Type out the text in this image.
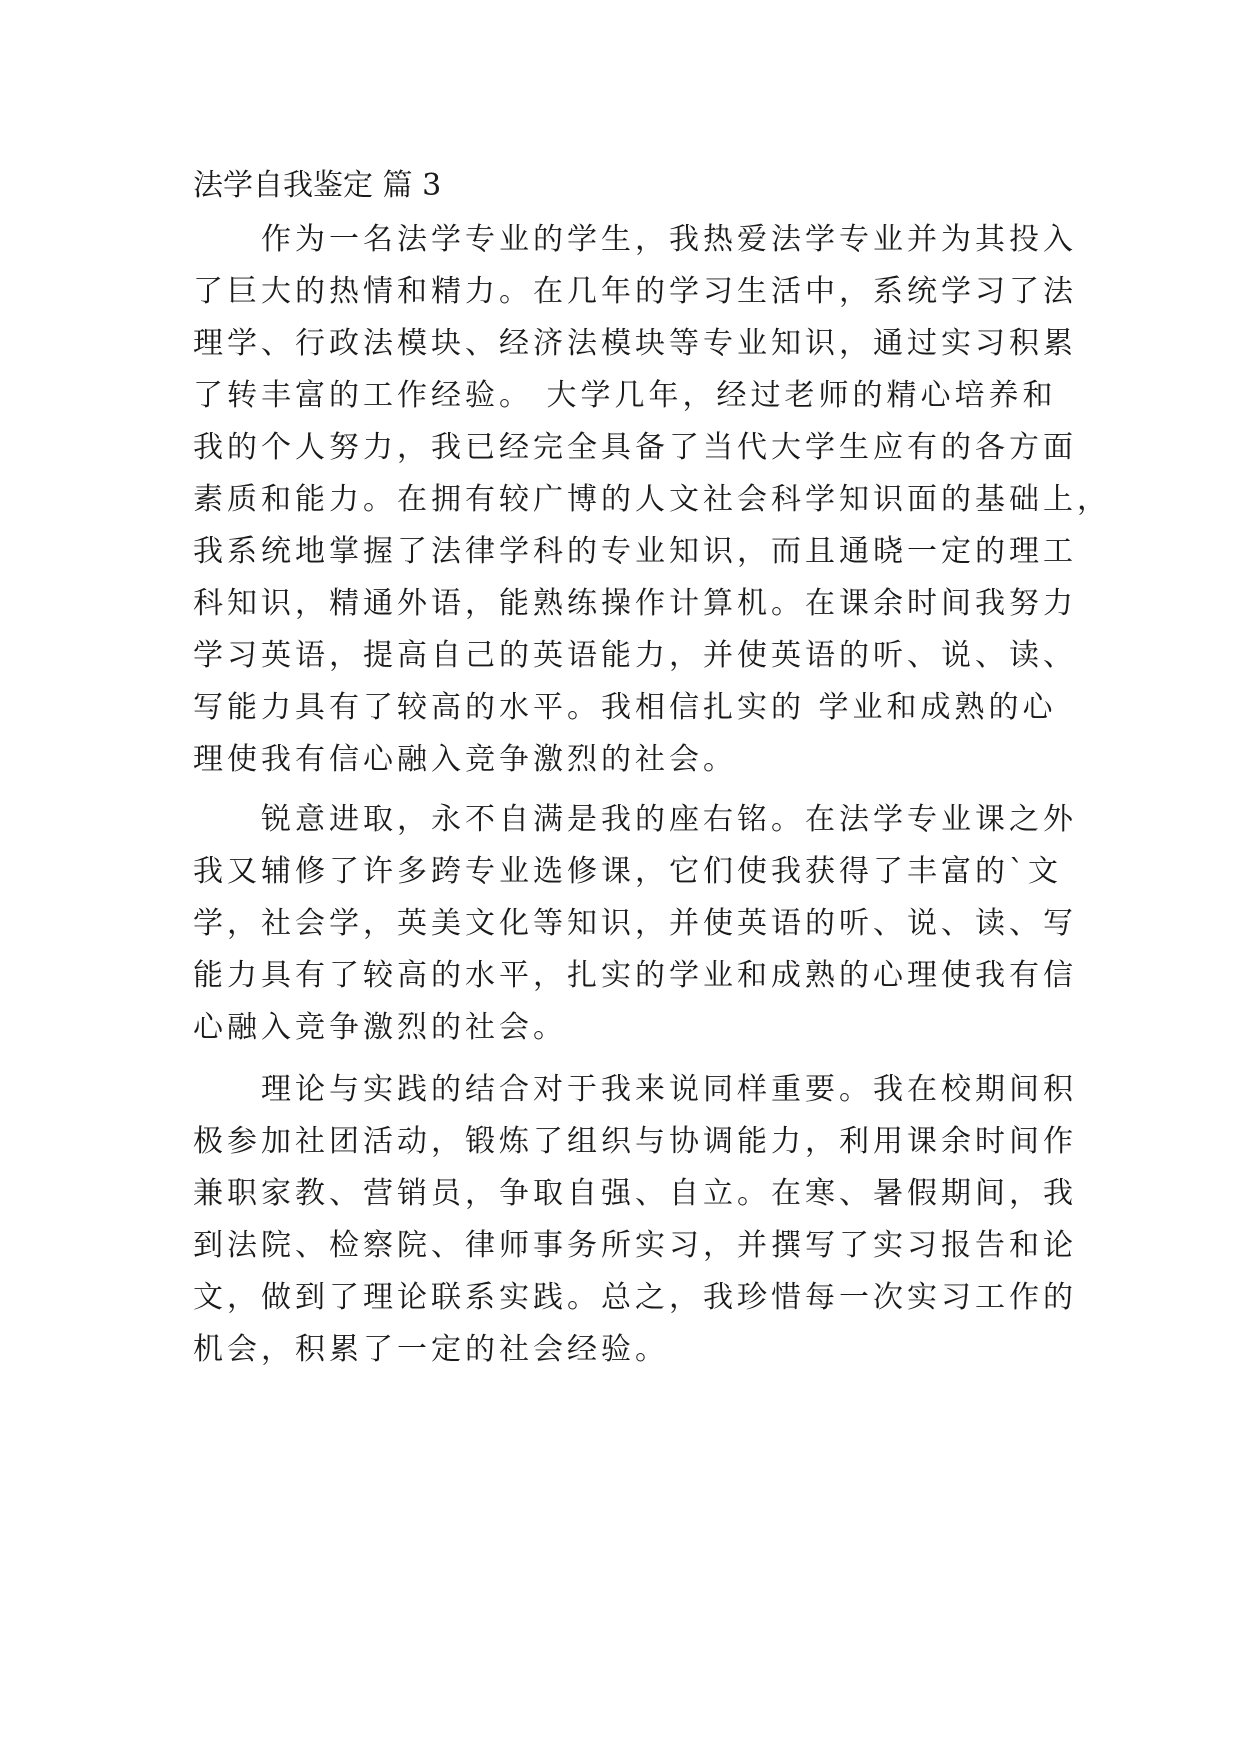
法学自我鉴定 篇 3
　　作为一名法学专业的学生，我热爱法学专业并为其投入
了巨大的热情和精力。在几年的学习生活中，系统学习了法
理学、行政法模块、经济法模块等专业知识，通过实习积累
了转丰富的工作经验。 大学几年，经过老师的精心培养和
我的个人努力，我已经完全具备了当代大学生应有的各方面
素质和能力。在拥有较广博的人文社会科学知识面的基础上，
我系统地掌握了法律学科的专业知识，而且通晓一定的理工
科知识，精通外语，能熟练操作计算机。在课余时间我努力
学习英语，提高自己的英语能力，并使英语的听、说、读、
写能力具有了较高的水平。我相信扎实的 学业和成熟的心
理使我有信心融入竞争激烈的社会。
　　锐意进取，永不自满是我的座右铭。在法学专业课之外
我又辅修了许多跨专业选修课，它们使我获得了丰富的`文
学，社会学，英美文化等知识，并使英语的听、说、读、写
能力具有了较高的水平，扎实的学业和成熟的心理使我有信
心融入竞争激烈的社会。
　　理论与实践的结合对于我来说同样重要。我在校期间积
极参加社团活动，锻炼了组织与协调能力，利用课余时间作
兼职家教、营销员，争取自强、自立。在寒、暑假期间，我
到法院、检察院、律师事务所实习，并撰写了实习报告和论
文，做到了理论联系实践。总之，我珍惜每一次实习工作的
机会，积累了一定的社会经验。
